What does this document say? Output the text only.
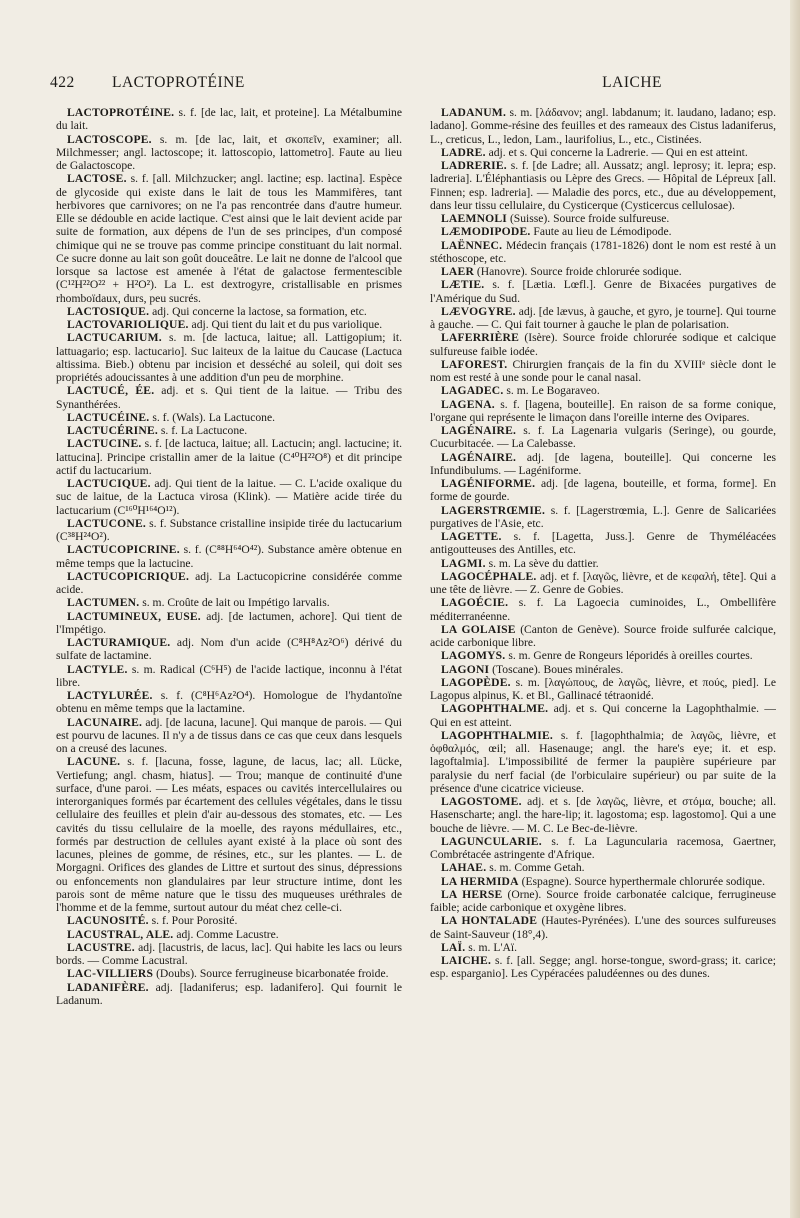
422 LACTOPROTÉINE	LAICHE

LACTOPROTÉINE. s. f. [de lac, lait, et proteine]. La Métalbumine du lait.

LACTOSCOPE. s. m. [de lac, lait, et σκοπεῖν, examiner; all. Milchmesser; angl. lactoscope; it. lattoscopio, lattometro]. Faute au lieu de Galactoscope.

LACTOSE. s. f. [all. Milchzucker; angl. lactine; esp. lactina]. Espèce de glycoside qui existe dans le lait de tous les Mammifères, tant herbivores que carnivores; on ne l'a pas rencontrée dans d'autre humeur. Elle se dédouble en acide lactique. C'est ainsi que le lait devient acide par suite de formation, aux dépens de l'un de ses principes, d'un composé chimique qui ne se trouve pas comme principe constituant du lait normal. Ce sucre donne au lait son goût douceâtre. Le lait ne donne de l'alcool que lorsque sa lactose est amenée à l'état de galactose fermentescible (C¹²H²²O²² + H²O²). La L. est dextrogyre, cristallisable en prismes rhomboïdaux, durs, peu sucrés.

LACTOSIQUE. adj. Qui concerne la lactose, sa formation, etc.

LACTOVARIOLIQUE. adj. Qui tient du lait et du pus variolique.

LACTUCARIUM. s. m. [de lactuca, laitue; all. Lattigopium; it. lattuagario; esp. lactucario]. Suc laiteux de la laitue du Caucase (Lactuca altissima. Bieb.) obtenu par incision et desséché au soleil, qui doit ses propriétés adoucissantes à une addition d'un peu de morphine.

LACTUCÉ, ÉE. adj. et s. Qui tient de la laitue. — Tribu des Synanthérées.

LACTUCÉINE. s. f. (Wals). La Lactucone.

LACTUCÉRINE. s. f. La Lactucone.

LACTUCINE. s. f. [de lactuca, laitue; all. Lactucin; angl. lactucine; it. lattucina]. Principe cristallin amer de la laitue (C⁴⁰H²²O⁸) et dit principe actif du lactucarium.

LACTUCIQUE. adj. Qui tient de la laitue. — C. L'acide oxalique du suc de laitue, de la Lactuca virosa (Klink). — Matière acide tirée du lactucarium (C¹⁶⁰H¹⁶⁴O¹²).

LACTUCONE. s. f. Substance cristalline insipide tirée du lactucarium (C³⁸H²⁴O²).

LACTUCOPICRINE. s. f. (C⁸⁸H⁶⁴O⁴²). Substance amère obtenue en même temps que la lactucine.

LACTUCOPICRIQUE. adj. La Lactucopicrine considérée comme acide.

LACTUMEN. s. m. Croûte de lait ou Impétigo larvalis.

LACTUMINEUX, EUSE. adj. [de lactumen, achore]. Qui tient de l'Impétigo.

LACTURAMIQUE. adj. Nom d'un acide (C⁸H⁸Az²O⁶) dérivé du sulfate de lactamine.

LACTYLE. s. m. Radical (C⁶H⁵) de l'acide lactique, inconnu à l'état libre.

LACTYLURÉE. s. f. (C⁸H⁶Az²O⁴). Homologue de l'hydantoïne obtenu en même temps que la lactamine.

LACUNAIRE. adj. [de lacuna, lacune]. Qui manque de parois. — Qui est pourvu de lacunes. Il n'y a de tissus dans ce cas que ceux dans lesquels on a creusé des lacunes.

LACUNE. s. f. [lacuna, fosse, lagune, de lacus, lac; all. Lücke, Vertiefung; angl. chasm, hiatus]. — Trou; manque de continuité d'une surface, d'une paroi. — Les méats, espaces ou cavités intercellulaires ou interorganiques formés par écartement des cellules végétales, dans le tissu cellulaire des feuilles et plein d'air au-dessous des stomates, etc. — Les cavités du tissu cellulaire de la moelle, des rayons médullaires, etc., formés par destruction de cellules ayant existé à la place où sont des lacunes, pleines de gomme, de résines, etc., sur les plantes. — L. de Morgagni. Orifices des glandes de Littre et surtout des sinus, dépressions ou enfoncements non glandulaires par leur structure intime, dont les parois sont de même nature que le tissu des muqueuses uréthrales de l'homme et de la femme, surtout autour du méat chez celle-ci.

LACUNOSITÉ. s. f. Pour Porosité.

LACUSTRAL, ALE. adj. Comme Lacustre.

LACUSTRE. adj. [lacustris, de lacus, lac]. Qui habite les lacs ou leurs bords. — Comme Lacustral.

LAC-VILLIERS (Doubs). Source ferrugineuse bicarbonatée froide.

LADANIFÈRE. adj. [ladaniferus; esp. ladanifero]. Qui fournit le Ladanum.

LADANUM. s. m. [λάδανον; angl. labdanum; it. laudano, ladano; esp. ladano]. Gomme-résine des feuilles et des rameaux des Cistus ladaniferus, L., creticus, L., ledon, Lam., laurifolius, L., etc., Cistinées.

LADRE. adj. et s. Qui concerne la Ladrerie. — Qui en est atteint.

LADRERIE. s. f. [de Ladre; all. Aussatz; angl. leprosy; it. lepra; esp. ladreria]. L'Éléphantiasis ou Lèpre des Grecs. — Hôpital de Lépreux [all. Finnen; esp. ladreria]. — Maladie des porcs, etc., due au développement, dans leur tissu cellulaire, du Cysticerque (Cysticercus cellulosae).

LAEMNOLI (Suisse). Source froide sulfureuse.

LÆMODIPODE. Faute au lieu de Lémodipode.

LAËNNEC. Médecin français (1781-1826) dont le nom est resté à un stéthoscope, etc.

LAER (Hanovre). Source froide chlorurée sodique.

LÆTIE. s. f. [Lætia. Lœfl.]. Genre de Bixacées purgatives de l'Amérique du Sud.

LÆVOGYRE. adj. [de lævus, à gauche, et gyro, je tourne]. Qui tourne à gauche. — C. Qui fait tourner à gauche le plan de polarisation.

LAFERRIÈRE (Isère). Source froide chlorurée sodique et calcique sulfureuse faible iodée.

LAFOREST. Chirurgien français de la fin du XVIIIᵉ siècle dont le nom est resté à une sonde pour le canal nasal.

LAGADEC. s. m. Le Bogaraveo.

LAGENA. s. f. [lagena, bouteille]. En raison de sa forme conique, l'organe qui représente le limaçon dans l'oreille interne des Ovipares.

LAGÉNAIRE. s. f. La Lagenaria vulgaris (Seringe), ou gourde, Cucurbitacée. — La Calebasse.

LAGÉNAIRE. adj. [de lagena, bouteille]. Qui concerne les Infundibulums. — Lagéniforme.

LAGÉNIFORME. adj. [de lagena, bouteille, et forma, forme]. En forme de gourde.

LAGERSTRŒMIE. s. f. [Lagerstrœmia, L.]. Genre de Salicariées purgatives de l'Asie, etc.

LAGETTE. s. f. [Lagetta, Juss.]. Genre de Thyméléacées antigoutteuses des Antilles, etc.

LAGMI. s. m. La sève du dattier.

LAGOCÉPHALE. adj. et f. [λαγῶς, lièvre, et de κεφαλή, tête]. Qui a une tête de lièvre. — Z. Genre de Gobies.

LAGOÉCIE. s. f. La Lagoecia cuminoides, L., Ombellifère méditerranéenne.

LA GOLAISE (Canton de Genève). Source froide sulfurée calcique, acide carbonique libre.

LAGOMYS. s. m. Genre de Rongeurs léporidés à oreilles courtes.

LAGONI (Toscane). Boues minérales.

LAGOPÈDE. s. m. [λαγώπους, de λαγῶς, lièvre, et πούς, pied]. Le Lagopus alpinus, K. et Bl., Gallinacé tétraonidé.

LAGOPHTHALME. adj. et s. Qui concerne la Lagophthalmie. — Qui en est atteint.

LAGOPHTHALMIE. s. f. [lagophthalmia; de λαγῶς, lièvre, et ὀφθαλμός, œil; all. Hasenauge; angl. the hare's eye; it. et esp. lagoftalmia]. L'impossibilité de fermer la paupière supérieure par paralysie du nerf facial (de l'orbiculaire supérieur) ou par suite de la présence d'une cicatrice vicieuse.

LAGOSTOME. adj. et s. [de λαγῶς, lièvre, et στόμα, bouche; all. Hasenscharte; angl. the hare-lip; it. lagostoma; esp. lagostomo]. Qui a une bouche de lièvre. — M. C. Le Bec-de-lièvre.

LAGUNCULARIE. s. f. La Laguncularia racemosa, Gaertner, Combrétacée astringente d'Afrique.

LAHAE. s. m. Comme Getah.

LA HERMIDA (Espagne). Source hyperthermale chlorurée sodique.

LA HERSE (Orne). Source froide carbonatée calcique, ferrugineuse faible; acide carbonique et oxygène libres.

LA HONTALADE (Hautes-Pyrénées). L'une des sources sulfureuses de Saint-Sauveur (18°,4).

LAÏ. s. m. L'Aï.

LAICHE. s. f. [all. Segge; angl. horse-tongue, sword-grass; it. carice; esp. esparganio]. Les Cypéracées paludéennes ou des dunes.
